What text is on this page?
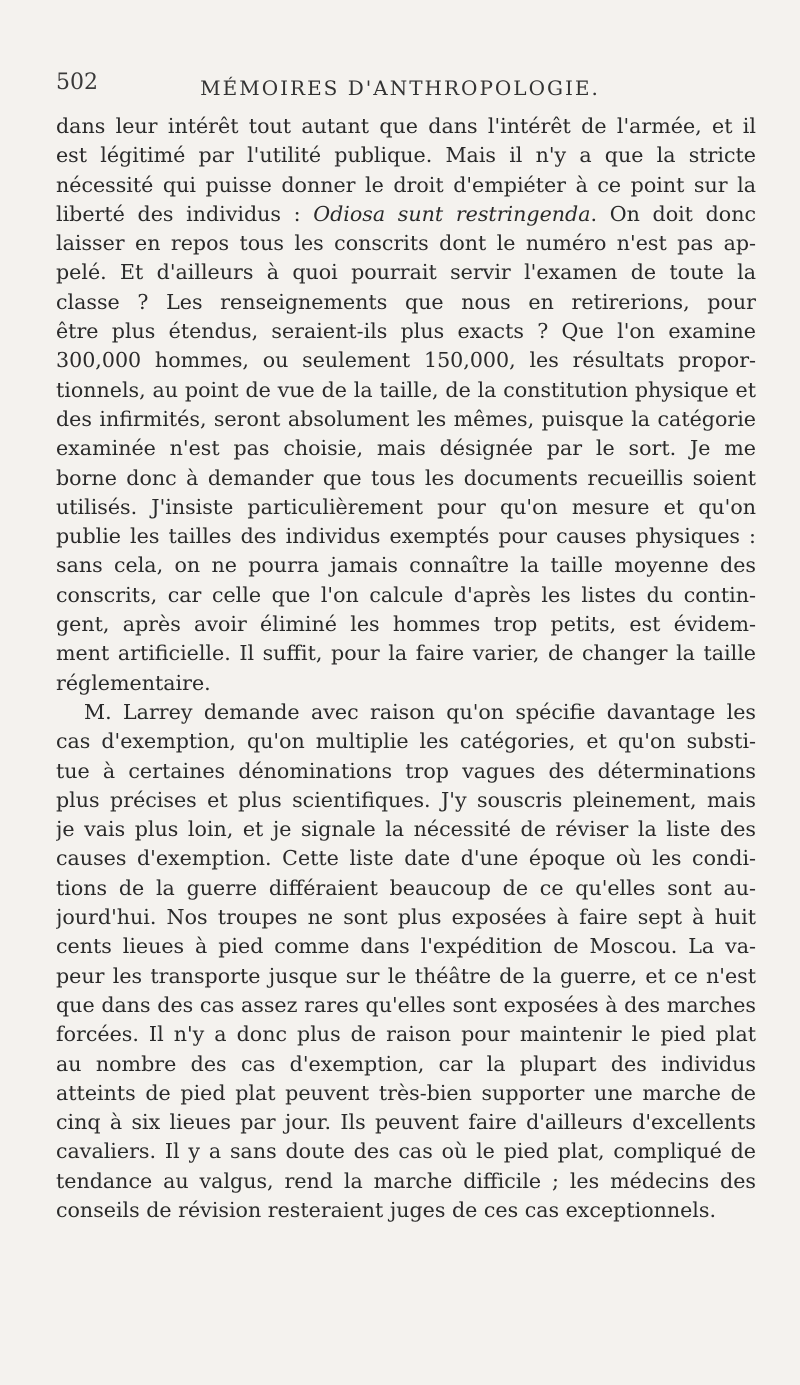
502	MÉMOIRES D'ANTHROPOLOGIE.
dans leur intérêt tout autant que dans l'intérêt de l'armée, et il
est légitimé par l'utilité publique. Mais il n'y a que la stricte
nécessité qui puisse donner le droit d'empiéter à ce point sur la
liberté des individus : Odiosa sunt restringenda. On doit donc
laisser en repos tous les conscrits dont le numéro n'est pas ap-
pelé. Et d'ailleurs à quoi pourrait servir l'examen de toute la
classe ? Les renseignements que nous en retirerions, pour
être plus étendus, seraient-ils plus exacts ? Que l'on examine
300,000 hommes, ou seulement 150,000, les résultats propor-
tionnels, au point de vue de la taille, de la constitution physique et
des infirmités, seront absolument les mêmes, puisque la catégorie
examinée n'est pas choisie, mais désignée par le sort. Je me
borne donc à demander que tous les documents recueillis soient
utilisés. J'insiste particulièrement pour qu'on mesure et qu'on
publie les tailles des individus exemptés pour causes physiques :
sans cela, on ne pourra jamais connaître la taille moyenne des
conscrits, car celle que l'on calcule d'après les listes du contin-
gent, après avoir éliminé les hommes trop petits, est évidem-
ment artificielle. Il suffit, pour la faire varier, de changer la taille
réglementaire.
M. Larrey demande avec raison qu'on spécifie davantage les
cas d'exemption, qu'on multiplie les catégories, et qu'on substi-
tue à certaines dénominations trop vagues des déterminations
plus précises et plus scientifiques. J'y souscris pleinement, mais
je vais plus loin, et je signale la nécessité de réviser la liste des
causes d'exemption. Cette liste date d'une époque où les condi-
tions de la guerre différaient beaucoup de ce qu'elles sont au-
jourd'hui. Nos troupes ne sont plus exposées à faire sept à huit
cents lieues à pied comme dans l'expédition de Moscou. La va-
peur les transporte jusque sur le théâtre de la guerre, et ce n'est
que dans des cas assez rares qu'elles sont exposées à des marches
forcées. Il n'y a donc plus de raison pour maintenir le pied plat
au nombre des cas d'exemption, car la plupart des individus
atteints de pied plat peuvent très-bien supporter une marche de
cinq à six lieues par jour. Ils peuvent faire d'ailleurs d'excellents
cavaliers. Il y a sans doute des cas où le pied plat, compliqué de
tendance au valgus, rend la marche difficile ; les médecins des
conseils de révision resteraient juges de ces cas exceptionnels.
